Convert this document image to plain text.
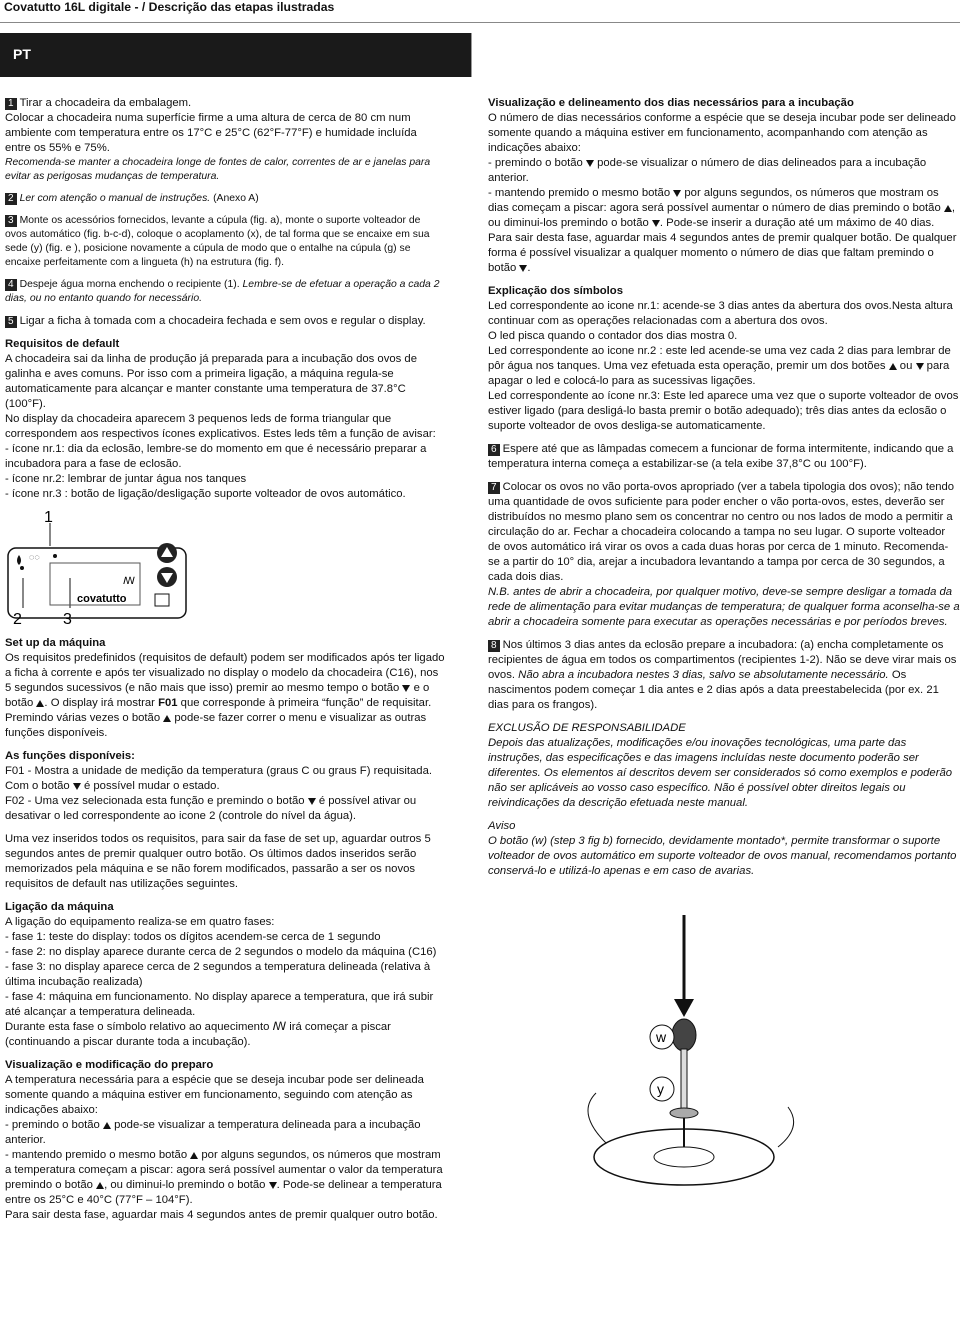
Covatutto 16L digitale - / Descrição das etapas ilustradas
PT

1 Tirar a chocadeira da embalagem.

Colocar a chocadeira numa superfície firme a uma altura de cerca de 80 cm num ambiente com temperatura entre os 17°C e 25°C (62°F-77°F) e humidade incluída entre os 55% e 75%.

Recomenda-se manter a chocadeira longe de fontes de calor, correntes de ar e janelas para evitar as perigosas mudanças de temperatura.

2 Ler com atenção o manual de instruções. (Anexo A)

3 Monte os acessórios fornecidos, levante a cúpula (fig. a), monte o suporte volteador de ovos automático (fig. b-c-d), coloque o acoplamento (x), de tal forma que se encaixe em sua sede (y) (fig. e ), posicione novamente a cúpula de modo que o entalhe na cúpula (g) se encaixe perfeitamente com a lingueta (h) na estrutura (fig. f).

4 Despeje água morna enchendo o recipiente (1). Lembre-se de efetuar a operação a cada 2 dias, ou no entanto quando for necessário.

5 Ligar a ficha à tomada com a chocadeira fechada e sem ovos e regular o display.

Requisitos de default

A chocadeira sai da linha de produção já preparada para a incubação dos ovos de galinha e aves comuns. Por isso com a primeira ligação, a máquina regula-se automaticamente para alcançar e manter constante uma temperatura de 37.8°C (100°F).

No display da chocadeira aparecem 3 pequenos leds de forma triangular que correspondem aos respectivos ícones explicativos. Estes leds têm a função de avisar:

- ícone nr.1: dia da eclosão, lembre-se do momento em que é necessário preparar a incubadora para a fase de eclosão.

- ícone nr.2: lembrar de juntar água nos tanques

- ícone nr.3 : botão de ligação/desligação suporte volteador de ovos automático.

1
2	3
◌◌
ꟿ
covatutto

Set up da máquina

Os requisitos predefinidos (requisitos de default) podem ser modificados após ter ligado a ficha à corrente e após ter visualizado no display o modelo da chocadeira (C16), nos 5 segundos sucessivos (e não mais que isso) premir ao mesmo tempo o botão e o botão . O display irá mostrar F01 que corresponde à primeira “função” de requisitar. Premindo várias vezes o botão pode-se fazer correr o menu e visualizar as outras funções disponíveis.

As funções disponíveis:

F01 - Mostra a unidade de medição da temperatura (graus C ou graus F) requisitada. Com o botão é possível mudar o estado.

F02 - Uma vez selecionada esta função e premindo o botão é possível ativar ou desativar o led correspondente ao icone 2 (controle do nível da água).

Uma vez inseridos todos os requisitos, para sair da fase de set up, aguardar outros 5 segundos antes de premir qualquer outro botão. Os últimos dados inseridos serão memorizados pela máquina e se não forem modificados, passarão a ser os novos requisitos de default nas utilizações seguintes.

Ligação da máquina

A ligação do equipamento realiza-se em quatro fases:

- fase 1: teste do display: todos os dígitos acendem-se cerca de 1 segundo

- fase 2: no display aparece durante cerca de 2 segundos o modelo da máquina (C16)

- fase 3: no display aparece cerca de 2 segundos a temperatura delineada (relativa à última incubação realizada)

- fase 4: máquina em funcionamento. No display aparece a temperatura, que irá subir até alcançar a temperatura delineada.

Durante esta fase o símbolo relativo ao aquecimento ꟿ irá começar a piscar (continuando a piscar durante toda a incubação).

Visualização e modificação do preparo

A temperatura necessária para a espécie que se deseja incubar pode ser delineada somente quando a máquina estiver em funcionamento, seguindo com atenção as indicações abaixo:

- premindo o botão pode-se visualizar a temperatura delineada para a incubação anterior.

- mantendo premido o mesmo botão por alguns segundos, os números que mostram a temperatura começam a piscar: agora será possível aumentar o valor da temperatura premindo o botão , ou diminui-lo premindo o botão . Pode-se delinear a temperatura entre os 25°C e 40°C (77°F – 104°F).

Para sair desta fase, aguardar mais 4 segundos antes de premir qualquer outro botão.

Visualização e delineamento dos dias necessários para a incubação

O número de dias necessários conforme a espécie que se deseja incubar pode ser delineado somente quando a máquina estiver em funcionamento, acompanhando com atenção as indicações abaixo:

- premindo o botão pode-se visualizar o número de dias delineados para a incubação anterior.

- mantendo premido o mesmo botão por alguns segundos, os números que mostram os dias começam a piscar: agora será possível aumentar o número de dias premindo o botão , ou diminui-los premindo o botão . Pode-se inserir a duração até um máximo de 40 dias.

Para sair desta fase, aguardar mais 4 segundos antes de premir qualquer botão. De qualquer forma é possível visualizar a qualquer momento o número de dias que faltam premindo o botão .

Explicação dos símbolos

Led correspondente ao icone nr.1: acende-se 3 dias antes da abertura dos ovos.Nesta altura continuar com as operações relacionadas com a abertura dos ovos.

O led pisca quando o contador dos dias mostra 0.

Led correspondente ao icone nr.2 : este led acende-se uma vez cada 2 dias para lembrar de pôr água nos tanques. Uma vez efetuada esta operação, premir um dos botões ou para apagar o led e colocá-lo para as sucessivas ligações.

Led correspondente ao ícone nr.3: Este led aparece uma vez que o suporte volteador de ovos estiver ligado (para desligá-lo basta premir o botão adequado); três dias antes da eclosão o suporte volteador de ovos desliga-se automaticamente.

6 Espere até que as lâmpadas comecem a funcionar de forma intermitente, indicando que a temperatura interna começa a estabilizar-se (a tela exibe 37,8°C ou 100°F).

7 Colocar os ovos no vão porta-ovos apropriado (ver a tabela tipologia dos ovos); não tendo uma quantidade de ovos suficiente para poder encher o vão porta-ovos, estes, deverão ser distribuídos no mesmo plano sem os concentrar no centro ou nos lados de modo a permitir a circulação do ar. Fechar a chocadeira colocando a tampa no seu lugar. O suporte volteador de ovos automático irá virar os ovos a cada duas horas por cerca de 1 minuto. Recomenda-se a partir do 10° dia, arejar a incubadora levantando a tampa por cerca de 30 segundos, a cada dois dias.

N.B. antes de abrir a chocadeira, por qualquer motivo, deve-se sempre desligar a tomada da rede de alimentação para evitar mudanças de temperatura; de qualquer forma aconselha-se a abrir a chocadeira somente para executar as operações necessárias e por períodos breves.

8 Nos últimos 3 dias antes da eclosão prepare a incubadora: (a) encha completamente os recipientes de água em todos os compartimentos (recipientes 1-2). Não se deve virar mais os ovos. Não abra a incubadora nestes 3 dias, salvo se absolutamente necessário. Os nascimentos podem começar 1 dia antes e 2 dias após a data preestabelecida (por ex. 21 dias para os frangos).

EXCLUSÃO DE RESPONSABILIDADE

Depois das atualizações, modificações e/ou inovações tecnológicas, uma parte das instruções, das especificações e das imagens incluídas neste documento poderão ser diferentes. Os elementos aí descritos devem ser considerados só como exemplos e poderão não ser aplicáveis ao vosso caso específico. Não é possível obter direitos legais ou reivindicações da descrição efetuada neste manual.

Aviso

O botão (w) (step 3 fig b) fornecido, devidamente montado*, permite transformar o suporte volteador de ovos automático em suporte volteador de ovos manual, recomendamos portanto conservá-lo e utilizá-lo apenas e em caso de avarias.

w
y
